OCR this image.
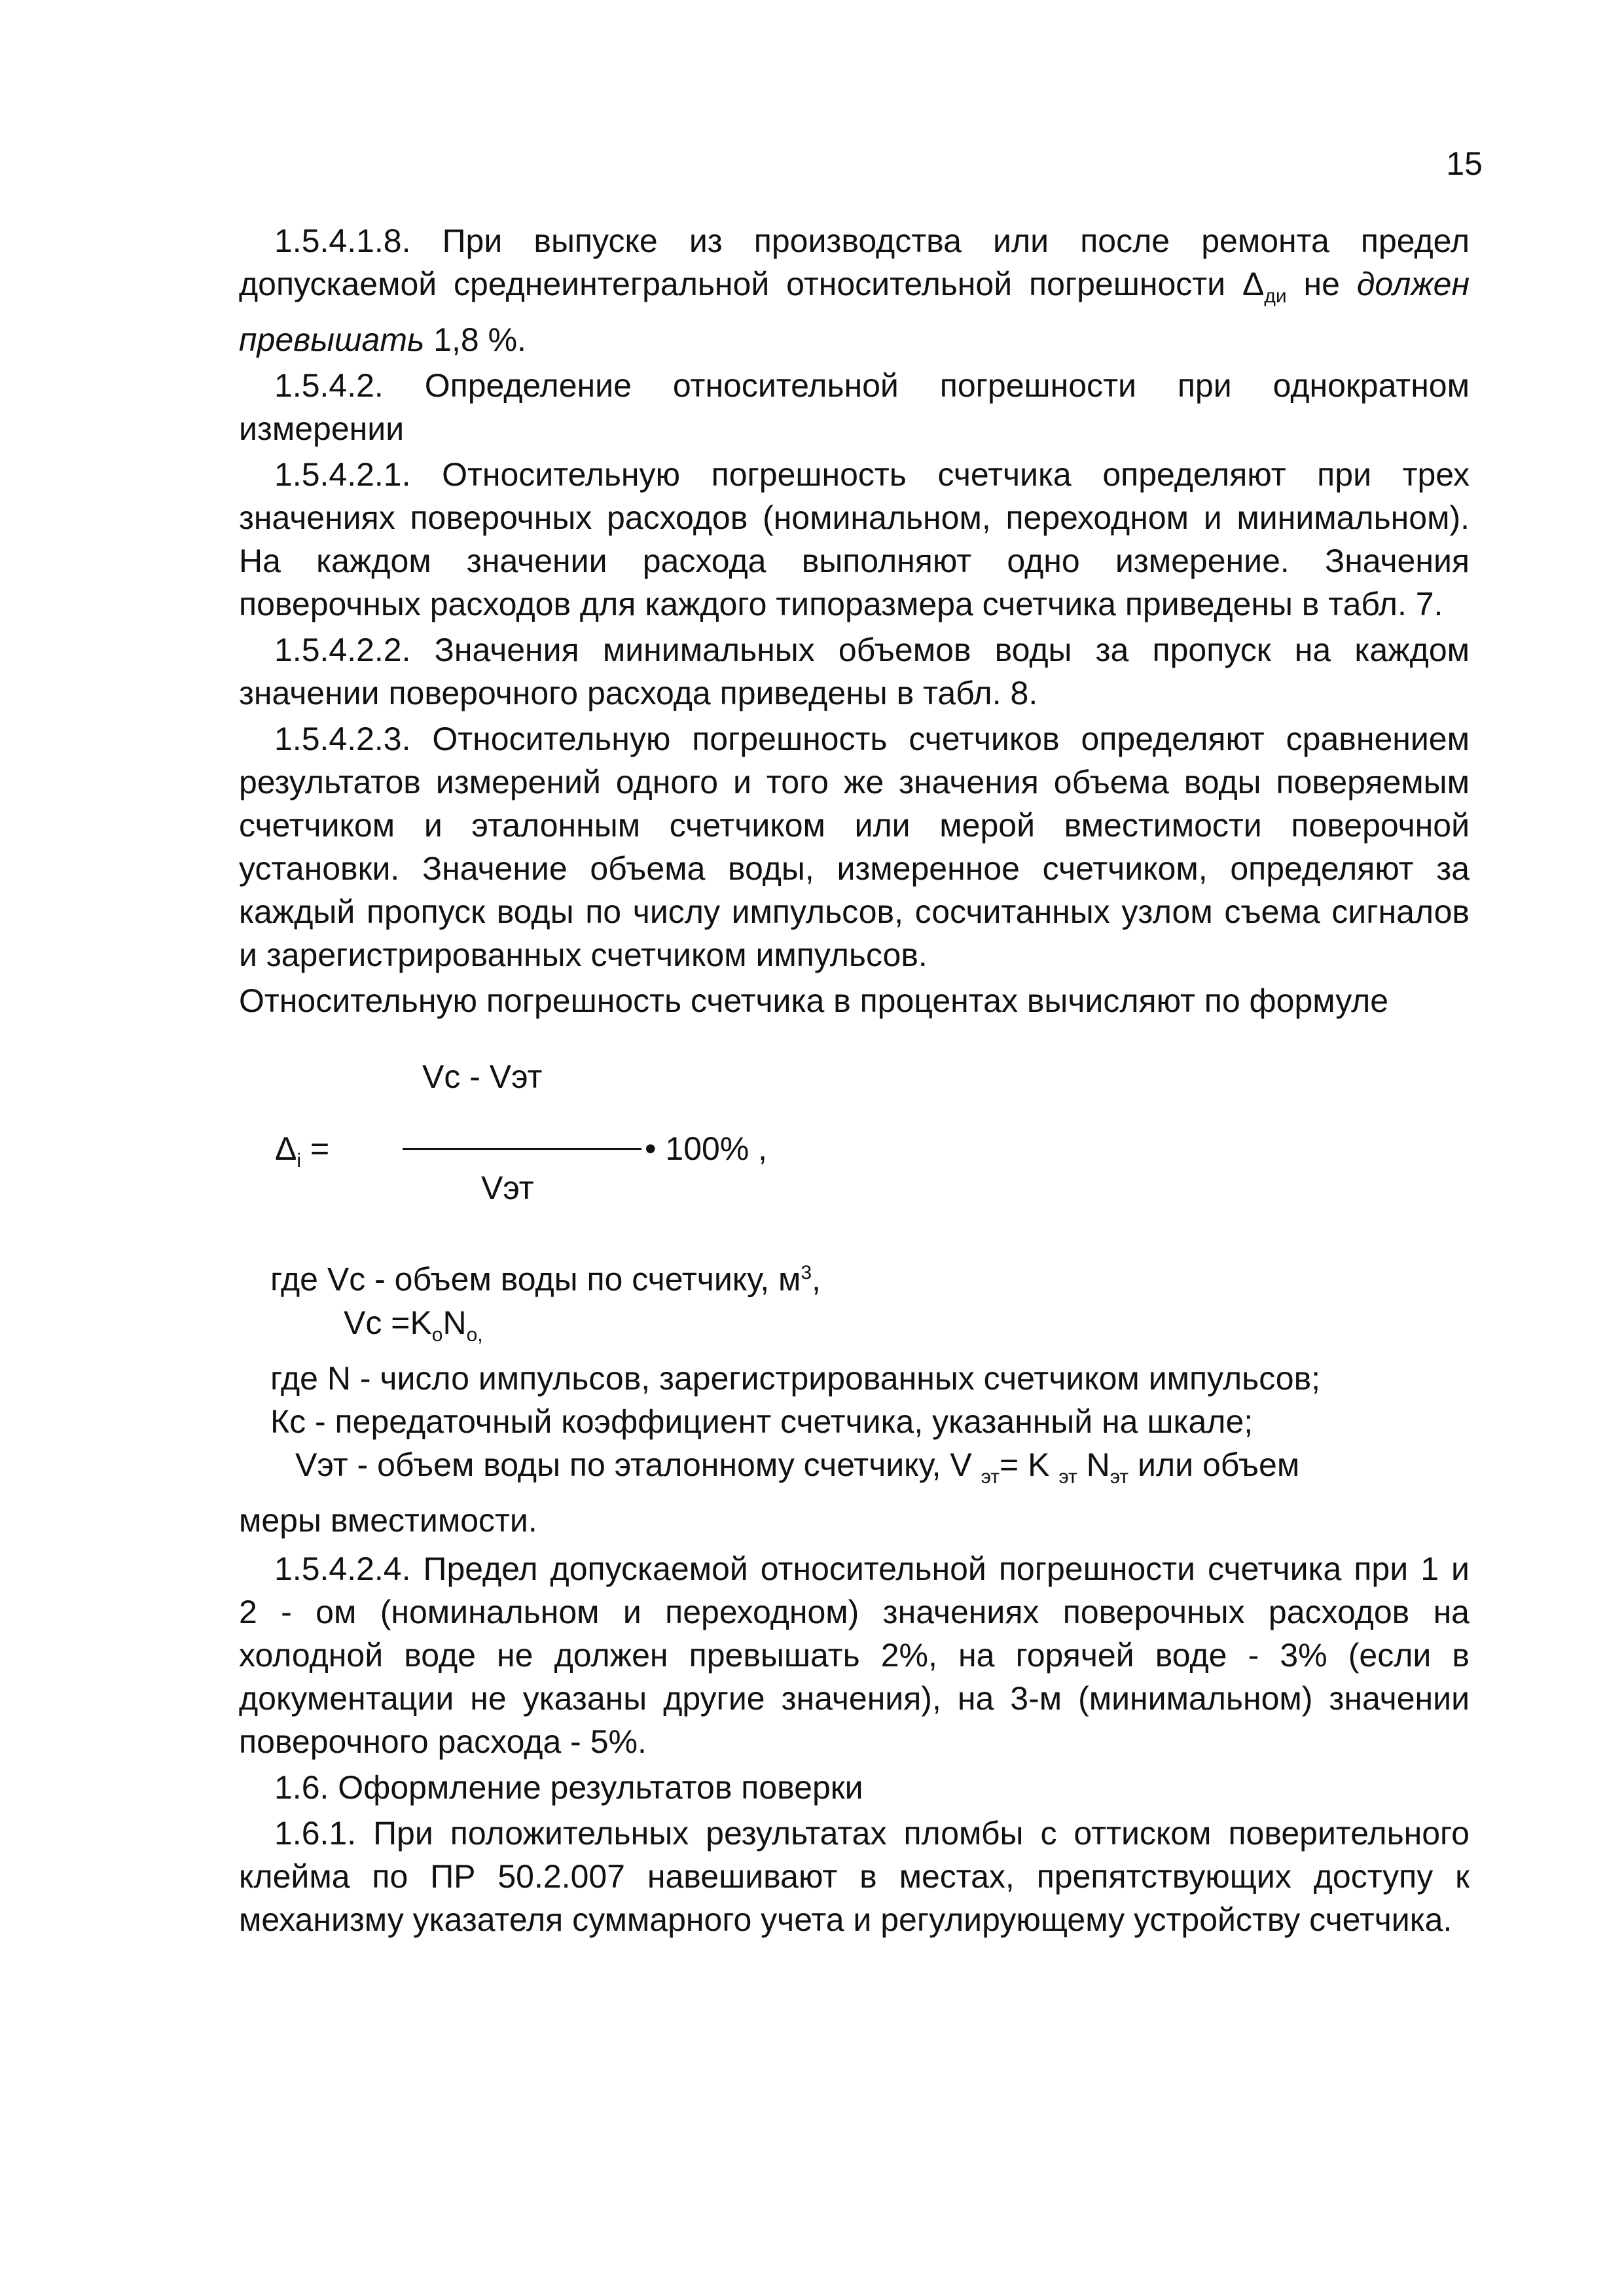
15

1.5.4.1.8. При выпуске из производства или после ремонта предел допускаемой среднеинтегральной относительной погрешности $\Delta_{ди}$ не должен превышать 1,8 %.

1.5.4.2. Определение относительной погрешности при однократном измерении

1.5.4.2.1. Относительную погрешность счетчика определяют при трех значениях поверочных расходов (номинальном, переходном и минимальном). На каждом значении расхода выполняют одно измерение. Значения поверочных расходов для каждого типоразмера счетчика приведены в табл. 7.

1.5.4.2.2. Значения минимальных объемов воды за пропуск на каждом значении поверочного расхода приведены в табл. 8.

1.5.4.2.3. Относительную погрешность счетчиков определяют сравнением результатов измерений одного и того же значения объема воды поверяемым счетчиком и эталонным счетчиком или мерой вместимости поверочной установки. Значение объема воды, измеренное счетчиком, определяют за каждый пропуск воды по числу импульсов, сосчитанных узлом съема сигналов и зарегистрированных счетчиком импульсов.

Относительную погрешность счетчика в процентах вычисляют по формуле

$\Delta_i$ =
Vc - Vэт
Vэт
• 100% ,
где Vc - объем воды по счетчику, $м^3$,
$Vc =K_oN_{o,}$
где N - число импульсов, зарегистрированных счетчиком импульсов;
Кс - передаточный коэффициент счетчика, указанный на шкале;
Vэт - объем воды по эталонному счетчику, V $_{эт}$= K $_{эт}$ $N_{эт}$ или объем
меры вместимости.

1.5.4.2.4. Предел допускаемой относительной погрешности счетчика при 1 и 2 - ом (номинальном и переходном) значениях поверочных расходов на холодной воде не должен превышать 2%, на горячей воде - 3% (если в документации не указаны другие значения), на 3-м (минимальном) значении поверочного расхода - 5%.

1.6. Оформление результатов поверки

1.6.1. При положительных результатах пломбы с оттиском поверительного клейма по ПР 50.2.007 навешивают в местах, препятствующих доступу к механизму указателя суммарного учета и регулирующему устройству счетчика.
